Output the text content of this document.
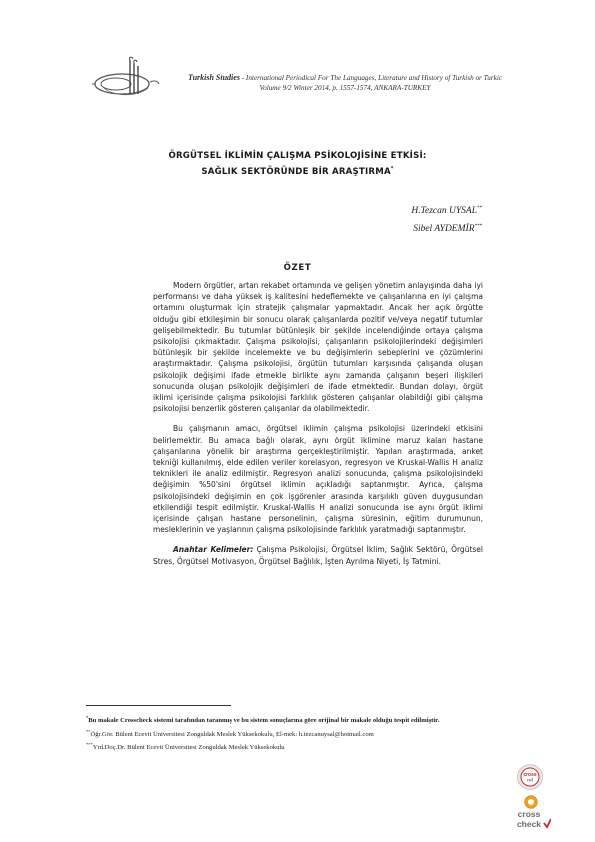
Turkish Studies - International Periodical For The Languages, Literature and History of Turkish or Turkic
Volume 9/2 Winter 2014, p. 1557-1574, ANKARA-TURKEY
ÖRGÜTSEL İKLİMİN ÇALIŞMA PSİKOLOJİSİNE ETKİSİ:
SAĞLIK SEKTÖRÜNDE BİR ARAŞTIRMA*
H.Tezcan UYSAL**
Sibel AYDEMİR***
ÖZET

Modern örgütler, artan rekabet ortamında ve gelişen yönetim anlayışında daha iyi performansı ve daha yüksek iş kalitesini hedeflemekte ve çalışanlarına en iyi çalışma ortamını oluşturmak için stratejik çalışmalar yapmaktadır. Ancak her açık örgütte olduğu gibi etkileşimin bir sonucu olarak çalışanlarda pozitif ve/veya negatif tutumlar gelişebilmektedir. Bu tutumlar bütünleşik bir şekilde incelendiğinde ortaya çalışma psikolojisi çıkmaktadır. Çalışma psikolojisi, çalışanların psikolojilerindeki değişimleri bütünleşik bir şekilde incelemekte ve bu değişimlerin sebeplerini ve çözümlerini araştırmaktadır. Çalışma psikolojisi, örgütün tutumları karşısında çalışanda oluşan psikolojik değişimi ifade etmekle birlikte aynı zamanda çalışanın beşeri ilişkileri sonucunda oluşan psikolojik değişimleri de ifade etmektedir. Bundan dolayı, örgüt iklimi içerisinde çalışma psikolojisi farklılık gösteren çalışanlar olabildiği gibi çalışma psikolojisi benzerlik gösteren çalışanlar da olabilmektedir.

Bu çalışmanın amacı, örgütsel iklimin çalışma psikolojisi üzerindeki etkisini belirlemektir. Bu amaca bağlı olarak, aynı örgüt iklimine maruz kalan hastane çalışanlarına yönelik bir araştırma gerçekleştirilmiştir. Yapılan araştırmada, anket tekniği kullanılmış, elde edilen veriler korelasyon, regresyon ve Kruskal-Wallis H analiz teknikleri ile analiz edilmiştir. Regresyon analizi sonucunda, çalışma psikolojisindeki değişimin %50'sini örgütsel iklimin açıkladığı saptanmıştır. Ayrıca, çalışma psikolojisindeki değişimin en çok işgörenler arasında karşılıklı güven duygusundan etkilendiği tespit edilmiştir. Kruskal-Wallis H analizi sonucunda ise aynı örgüt iklimi içerisinde çalışan hastane personelinin, çalışma süresinin, eğitim durumunun, mesleklerinin ve yaşlarının çalışma psikolojisinde farklılık yaratmadığı saptanmıştır.

Anahtar Kelimeler: Çalışma Psikolojisi, Örgütsel İklim, Sağlık Sektörü, Örgütsel Stres, Örgütsel Motivasyon, Örgütsel Bağlılık, İşten Ayrılma Niyeti, İş Tatmini.

*Bu makale Crosscheck sistemi tarafından taranmış ve bu sistem sonuçlarına göre orijinal bir makale olduğu tespit edilmiştir.
**Öğr.Gör. Bülent Ecevit Üniversitesi Zonguldak Meslek Yüksekokulu, El-mek: h.tezcanuysal@hotmail.com
***Yrd.Doç.Dr. Bülent Ecevit Üniversitesi Zonguldak Meslek Yüksekokulu
cross
ref
cross
check
